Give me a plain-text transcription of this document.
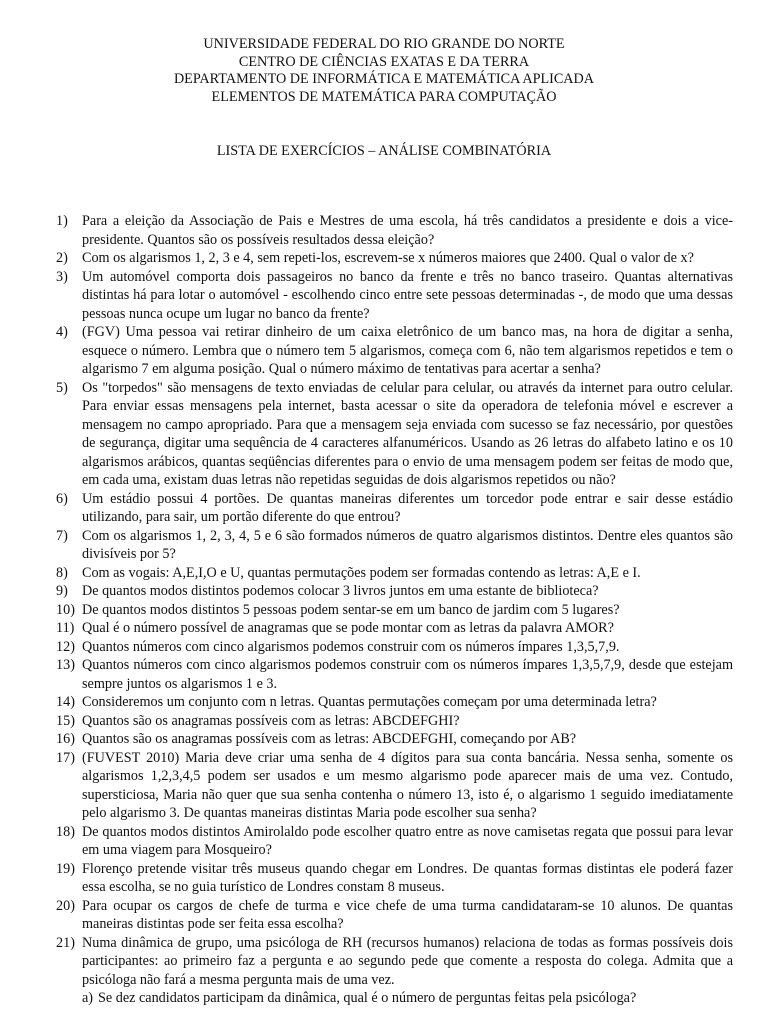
UNIVERSIDADE FEDERAL DO RIO GRANDE DO NORTE
CENTRO DE CIÊNCIAS EXATAS E DA TERRA
DEPARTAMENTO DE INFORMÁTICA E MATEMÁTICA APLICADA
ELEMENTOS DE MATEMÁTICA PARA COMPUTAÇÃO
LISTA DE EXERCÍCIOS – ANÁLISE COMBINATÓRIA
1) Para a eleição da Associação de Pais e Mestres de uma escola, há três candidatos a presidente e dois a vice-presidente. Quantos são os possíveis resultados dessa eleição?
2) Com os algarismos 1, 2, 3 e 4, sem repeti-los, escrevem-se x números maiores que 2400. Qual o valor de x?
3) Um automóvel comporta dois passageiros no banco da frente e três no banco traseiro. Quantas alternativas distintas há para lotar o automóvel - escolhendo cinco entre sete pessoas determinadas -, de modo que uma dessas pessoas nunca ocupe um lugar no banco da frente?
4) (FGV) Uma pessoa vai retirar dinheiro de um caixa eletrônico de um banco mas, na hora de digitar a senha, esquece o número. Lembra que o número tem 5 algarismos, começa com 6, não tem algarismos repetidos e tem o algarismo 7 em alguma posição. Qual o número máximo de tentativas para acertar a senha?
5) Os "torpedos" são mensagens de texto enviadas de celular para celular, ou através da internet para outro celular. Para enviar essas mensagens pela internet, basta acessar o site da operadora de telefonia móvel e escrever a mensagem no campo apropriado. Para que a mensagem seja enviada com sucesso se faz necessário, por questões de segurança, digitar uma sequência de 4 caracteres alfanuméricos. Usando as 26 letras do alfabeto latino e os 10 algarismos arábicos, quantas seqüências diferentes para o envio de uma mensagem podem ser feitas de modo que, em cada uma, existam duas letras não repetidas seguidas de dois algarismos repetidos ou não?
6) Um estádio possui 4 portões. De quantas maneiras diferentes um torcedor pode entrar e sair desse estádio utilizando, para sair, um portão diferente do que entrou?
7) Com os algarismos 1, 2, 3, 4, 5 e 6 são formados números de quatro algarismos distintos. Dentre eles quantos são divisíveis por 5?
8) Com as vogais: A,E,I,O e U, quantas permutações podem ser formadas contendo as letras: A,E e I.
9) De quantos modos distintos podemos colocar 3 livros juntos em uma estante de biblioteca?
10) De quantos modos distintos 5 pessoas podem sentar-se em um banco de jardim com 5 lugares?
11) Qual é o número possível de anagramas que se pode montar com as letras da palavra AMOR?
12) Quantos números com cinco algarismos podemos construir com os números ímpares 1,3,5,7,9.
13) Quantos números com cinco algarismos podemos construir com os números ímpares 1,3,5,7,9, desde que estejam sempre juntos os algarismos 1 e 3.
14) Consideremos um conjunto com n letras. Quantas permutações começam por uma determinada letra?
15) Quantos são os anagramas possíveis com as letras: ABCDEFGHI?
16) Quantos são os anagramas possíveis com as letras: ABCDEFGHI, começando por AB?
17) (FUVEST 2010) Maria deve criar uma senha de 4 dígitos para sua conta bancária. Nessa senha, somente os algarismos 1,2,3,4,5 podem ser usados e um mesmo algarismo pode aparecer mais de uma vez. Contudo, supersticiosa, Maria não quer que sua senha contenha o número 13, isto é, o algarismo 1 seguido imediatamente pelo algarismo 3. De quantas maneiras distintas Maria pode escolher sua senha?
18) De quantos modos distintos Amirolaldo pode escolher quatro entre as nove camisetas regata que possui para levar em uma viagem para Mosqueiro?
19) Florenço pretende visitar três museus quando chegar em Londres. De quantas formas distintas ele poderá fazer essa escolha, se no guia turístico de Londres constam 8 museus.
20) Para ocupar os cargos de chefe de turma e vice chefe de uma turma candidataram-se 10 alunos. De quantas maneiras distintas pode ser feita essa escolha?
21) Numa dinâmica de grupo, uma psicóloga de RH (recursos humanos) relaciona de todas as formas possíveis dois participantes: ao primeiro faz a pergunta e ao segundo pede que comente a resposta do colega. Admita que a psicóloga não fará a mesma pergunta mais de uma vez.
a) Se dez candidatos participam da dinâmica, qual é o número de perguntas feitas pela psicóloga?
